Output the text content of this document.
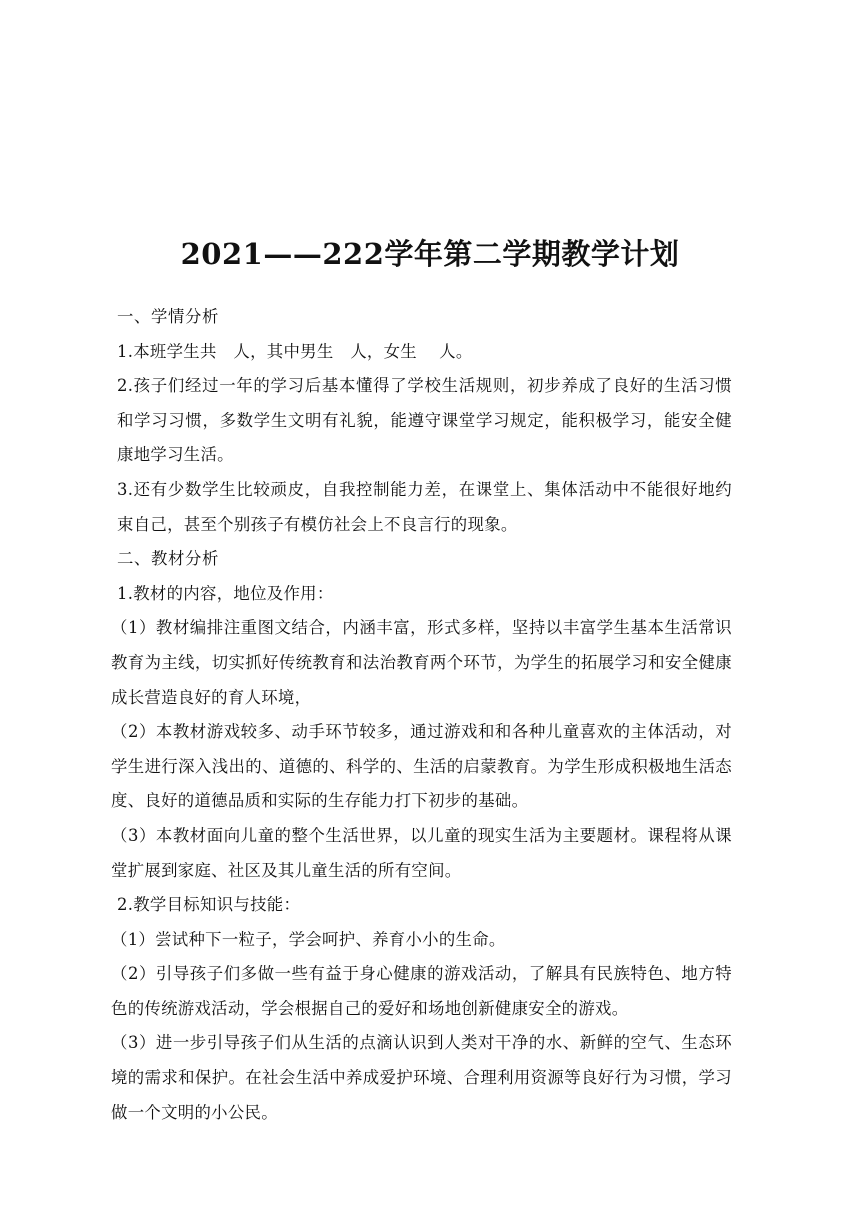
2021——222学年第二学期教学计划

一、学情分析

1.本班学生共　人，其中男生　人，女生　 人。

2.孩子们经过一年的学习后基本懂得了学校生活规则，初步养成了良好的生活习惯和学习习惯，多数学生文明有礼貌，能遵守课堂学习规定，能积极学习，能安全健康地学习生活。

3.还有少数学生比较顽皮，自我控制能力差，在课堂上、集体活动中不能很好地约束自己，甚至个别孩子有模仿社会上不良言行的现象。

二、教材分析

1.教材的内容，地位及作用：

（1）教材编排注重图文结合，内涵丰富，形式多样，坚持以丰富学生基本生活常识教育为主线，切实抓好传统教育和法治教育两个环节，为学生的拓展学习和安全健康成长营造良好的育人环境，

（2）本教材游戏较多、动手环节较多，通过游戏和和各种儿童喜欢的主体活动，对学生进行深入浅出的、道德的、科学的、生活的启蒙教育。为学生形成积极地生活态度、良好的道德品质和实际的生存能力打下初步的基础。

（3）本教材面向儿童的整个生活世界，以儿童的现实生活为主要题材。课程将从课堂扩展到家庭、社区及其儿童生活的所有空间。

2.教学目标知识与技能：

（1）尝试种下一粒子，学会呵护、养育小小的生命。

（2）引导孩子们多做一些有益于身心健康的游戏活动，了解具有民族特色、地方特色的传统游戏活动，学会根据自己的爱好和场地创新健康安全的游戏。

（3）进一步引导孩子们从生活的点滴认识到人类对干净的水、新鲜的空气、生态环境的需求和保护。在社会生活中养成爱护环境、合理利用资源等良好行为习惯，学习做一个文明的小公民。
